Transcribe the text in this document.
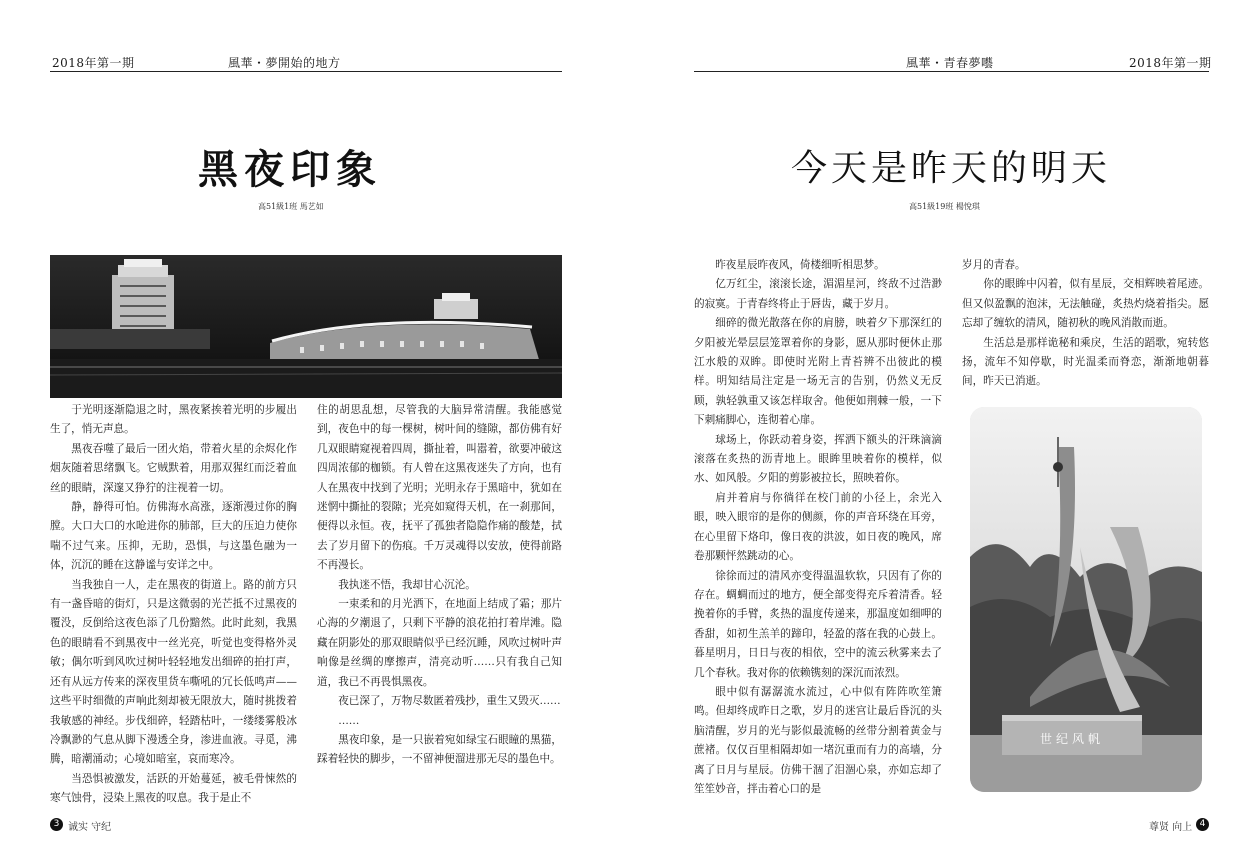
2018年第一期	風華・夢開始的地方
黑夜印象
高51級1班 馬艺如

于光明逐渐隐退之时，黑夜紧挨着光明的步履出生了，悄无声息。

黑夜吞噬了最后一团火焰，带着火星的余烬化作烟灰随着思绪飘飞。它贼默着，用那双猩红而泛着血丝的眼睛，深邃又狰狞的注视着一切。

静，静得可怕。仿佛海水高涨，逐渐漫过你的胸膛。大口大口的水呛进你的肺部，巨大的压迫力使你喘不过气来。压抑，无助，恐惧，与这墨色融为一体，沉沉的睡在这静谧与安详之中。

当我独自一人，走在黑夜的街道上。路的前方只有一盏昏暗的街灯，只是这微弱的光芒抵不过黑夜的覆没，反倒给这夜色添了几份黯然。此时此刻，我黑色的眼睛看不到黑夜中一丝光亮，听觉也变得格外灵敏；偶尔听到风吹过树叶轻轻地发出细碎的拍打声，还有从远方传来的深夜里货车嘶吼的冗长低鸣声——这些平时细微的声响此刻却被无限放大，随时挑拨着我敏感的神经。步伐细碎，轻踏枯叶，一缕缕雾般冰冷飘渺的气息从脚下漫透全身，渗进血液。寻觅，沸腾，暗潮涌动；心境如暗室，哀而寒冷。

当恐惧被激发，活跃的开始蔓延，被毛骨悚然的寒气蚀骨，浸染上黑夜的叹息。我于是止不

住的胡思乱想，尽管我的大脑异常清醒。我能感觉到，夜色中的每一棵树，树叶间的缝隙，都仿佛有好几双眼睛窥视着四周，撕扯着，叫嚣着，欲要冲破这四周浓郁的枷锁。有人曾在这黑夜迷失了方向，也有人在黑夜中找到了光明；光明永存于黑暗中，犹如在迷惘中撕扯的裂隙；光亮如窥得天机，在一刹那间，便得以永恒。夜，抚平了孤独者隐隐作痛的酸楚，拭去了岁月留下的伤痕。千万灵魂得以安放，使得前路不再漫长。

我执迷不悟，我却甘心沉沦。

一束柔和的月光洒下，在地面上结成了霜；那片心海的夕潮退了，只剩下平静的浪花拍打着岸滩。隐藏在阴影处的那双眼睛似乎已经沉睡，风吹过树叶声响像是丝绸的摩擦声，清亮动听……只有我自己知道，我已不再畏惧黑夜。

夜已深了，万物尽数匿着残抄，重生又毁灭……

……

黑夜印象，是一只嵌着宛如绿宝石眼瞳的黑猫，踩着轻快的脚步，一不留神便溜进那无尽的墨色中。

3 诚实 守纪
風華・青春夢囈	2018年第一期
今天是昨天的明天
高51級19班 楊悅琪

昨夜星辰昨夜风，倚楼细听相思梦。

亿万红尘，滚滚长途，湄湄星河，终敌不过浩渺的寂寞。于青春终将止于唇齿，藏于岁月。

细碎的微光散落在你的肩膀，映着夕下那深红的夕阳被光晕层层笼罩着你的身影，愿从那时便休止那江水般的双眸。即使时光附上青苔辨不出彼此的模样。明知结局注定是一场无言的告别，仍然义无反顾，孰轻孰重又该怎样取舍。他便如荆棘一般，一下下刺痛脚心，连彻着心扉。

球场上，你跃动着身姿，挥洒下额头的汗珠滴滴滚落在炙热的沥青地上。眼眸里映着你的模样，似水、如风般。夕阳的剪影被拉长，照映着你。

肩并着肩与你徜徉在校门前的小径上，余光入眼，映入眼帘的是你的侧颜，你的声音环绕在耳旁，在心里留下烙印，像日夜的洪波，如日夜的晚风，席卷那颗怦然跳动的心。

徐徐而过的清风亦变得温温软软，只因有了你的存在。蜩蜩而过的地方，便全部变得充斥着清香。轻挽着你的手臂，炙热的温度传递来，那温度如细呷的香甜，如初生羔羊的蹄印，轻盈的落在我的心鼓上。暮星明月，日日与夜的相依，空中的流云秋雾来去了几个春秋。我对你的依赖镌刻的深沉而浓烈。

眼中似有潺潺流水流过，心中似有阵阵吹笙箫鸣。但却终成昨日之歌，岁月的迷宫让最后昏沉的头脑清醒，岁月的光与影似最流畅的丝带分割着黄金与蔗褚。仅仅百里相隔却如一堵沉重而有力的高墙，分离了日月与星辰。仿佛干涸了泪涸心泉，亦如忘却了笙笙妙音，拌击着心口的是

岁月的青春。

你的眼眸中闪着，似有星辰，交相辉映着尾迹。但又似盈飘的泡沫，无法触碰，炙热灼烧着指尖。愿忘却了缠软的清风，随初秋的晚风消散而逝。

生活总是那样诡秘和乘戾，生活的蹈歌，宛转悠扬，流年不知停歇，时光温柔而脊恋，渐渐地朝暮间，昨天已消逝。

世纪风帆
尊贤 向上 4
